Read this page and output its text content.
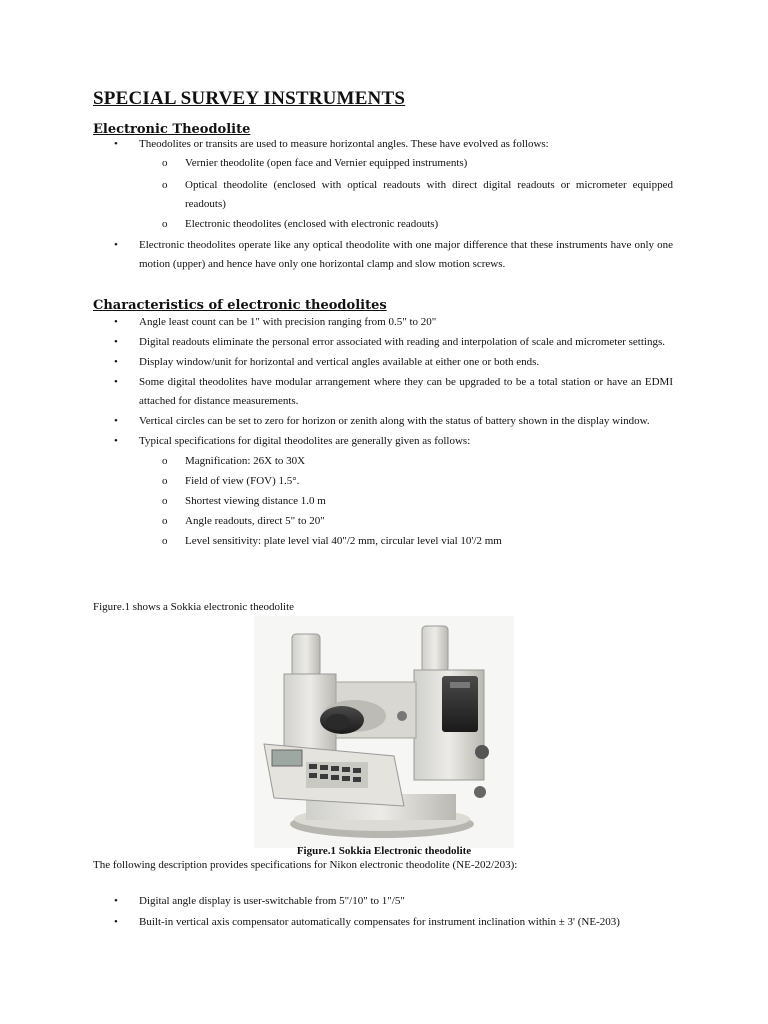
SPECIAL SURVEY INSTRUMENTS
Electronic Theodolite
• Theodolites or transits are used to measure horizontal angles. These have evolved as follows:
o Vernier theodolite (open face and Vernier equipped instruments)
o Optical theodolite (enclosed with optical readouts with direct digital readouts or micrometer equipped readouts)
o Electronic theodolites (enclosed with electronic readouts)
• Electronic theodolites operate like any optical theodolite with one major difference that these instruments have only one motion (upper) and hence have only one horizontal clamp and slow motion screws.
Characteristics of electronic theodolites
• Angle least count can be 1" with precision ranging from 0.5" to 20"
• Digital readouts eliminate the personal error associated with reading and interpolation of scale and micrometer settings.
• Display window/unit for horizontal and vertical angles available at either one or both ends.
• Some digital theodolites have modular arrangement where they can be upgraded to be a total station or have an EDMI attached for distance measurements.
• Vertical circles can be set to zero for horizon or zenith along with the status of battery shown in the display window.
• Typical specifications for digital theodolites are generally given as follows:
o Magnification: 26X to 30X
o Field of view (FOV) 1.5°.
o Shortest viewing distance 1.0 m
o Angle readouts, direct 5" to 20"
o Level sensitivity: plate level vial 40"/2 mm, circular level vial 10'/2 mm

Figure.1 shows a Sokkia electronic theodolite

Figure.1 Sokkia Electronic theodolite

The following description provides specifications for Nikon electronic theodolite (NE-202/203):

• Digital angle display is user-switchable from 5"/10" to 1"/5"
• Built-in vertical axis compensator automatically compensates for instrument inclination within ± 3' (NE-203)
